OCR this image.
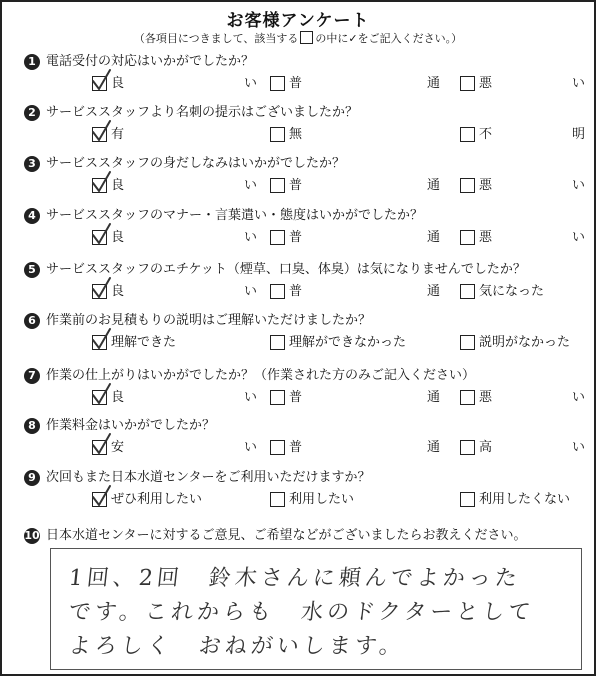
お客様アンケート
（各項目につきまして、該当する の中に✓をご記入ください。）
1 電話受付の対応はいかがでしたか？
良	い 普	通	悪	い
2 サービススタッフより名刺の提示はございましたか？
有	無	不	明
3 サービススタッフの身だしなみはいかがでしたか？
良	い 普	通	悪	い
4 サービススタッフのマナー・言葉遣い・態度はいかがでしたか？
良	い 普	通	悪	い
5 サービススタッフのエチケット（煙草、口臭、体臭）は気になりませんでしたか？
良	い 普	通	気になった
6 作業前のお見積もりの説明はご理解いただけましたか？
理解できた	理解ができなかった	説明がなかった
7 作業の仕上がりはいかがでしたか？（作業された方のみご記入ください）
良	い 普	通	悪	い
8 作業料金はいかがでしたか？
安	い 普	通	高	い
9 次回もまた日本水道センターをご利用いただけますか？
ぜひ利用したい	利用したい	利用したくない
10 日本水道センターに対するご意見、ご希望などがございましたらお教えください。
1回、2回　鈴木さんに頼んでよかった
です。これからも　水のドクターとして
よろしく　おねがいします。
